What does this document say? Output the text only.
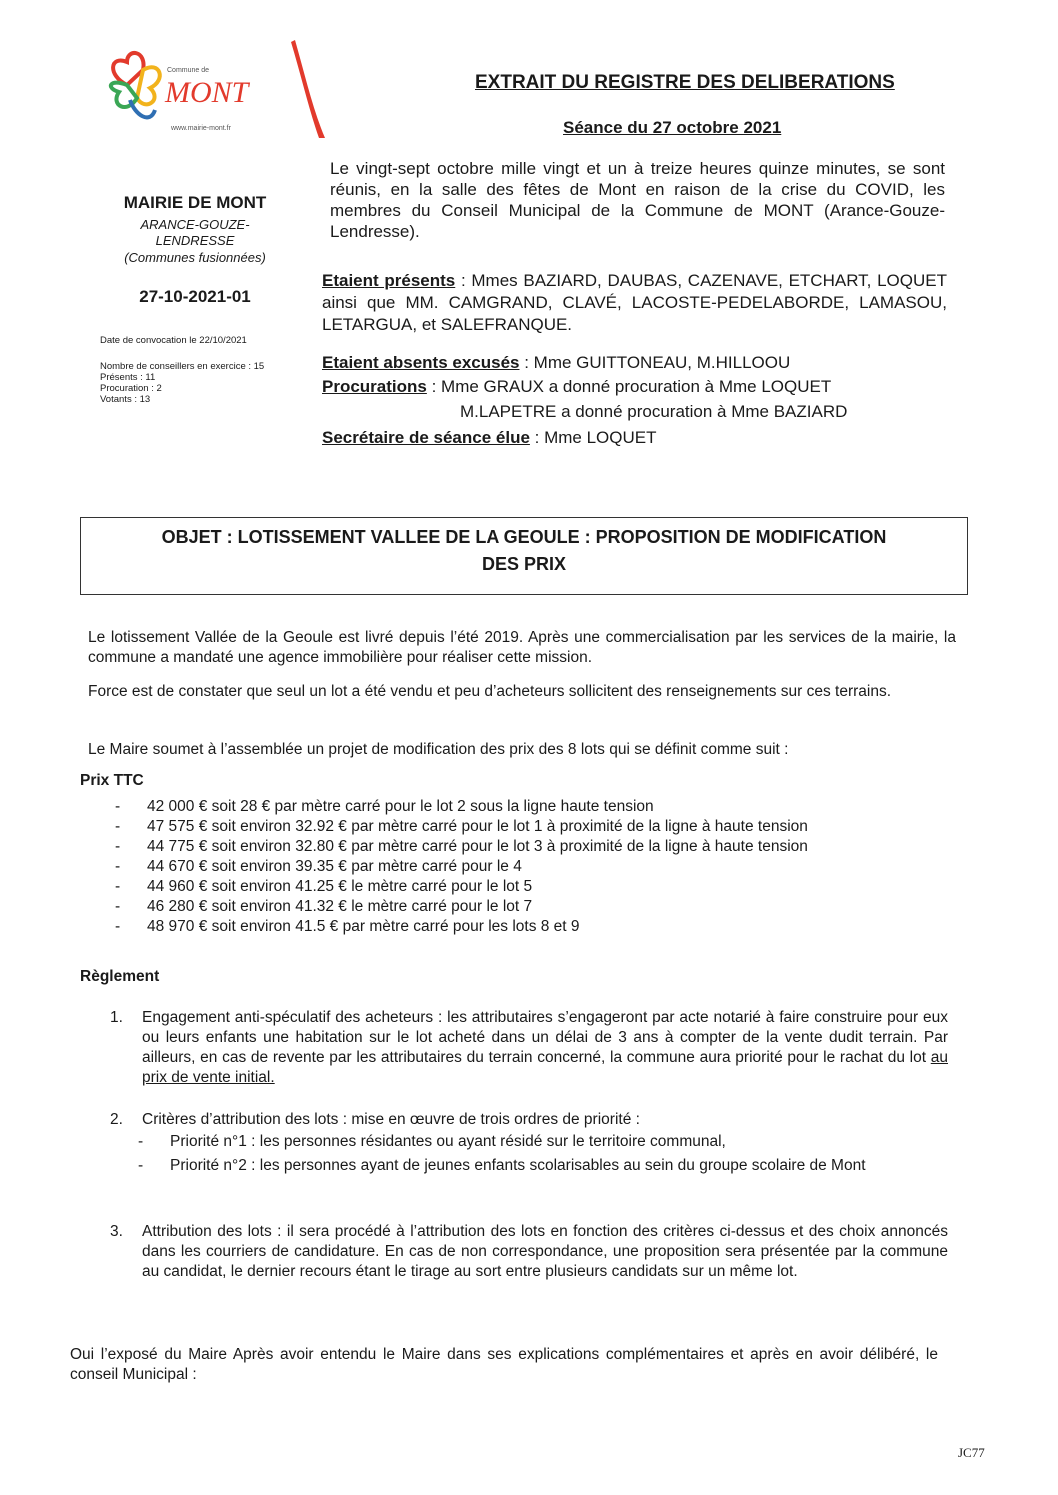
Commune de
MONT
www.mairie-mont.fr
EXTRAIT DU REGISTRE DES DELIBERATIONS
Séance du 27 octobre 2021
MAIRIE DE MONT
ARANCE-GOUZE-
LENDRESSE
(Communes fusionnées)
27-10-2021-01
Date de convocation le 22/10/2021
Nombre de conseillers en exercice : 15
Présents : 11
Procuration : 2
Votants : 13
Le vingt-sept octobre mille vingt et un à treize heures quinze minutes, se sont réunis, en la salle des fêtes de Mont en raison de la crise du COVID, les membres du Conseil Municipal de la Commune de MONT (Arance-Gouze-Lendresse).
Etaient présents : Mmes BAZIARD, DAUBAS, CAZENAVE, ETCHART, LOQUET ainsi que MM. CAMGRAND, CLAVÉ, LACOSTE-PEDELABORDE, LAMASOU, LETARGUA, et SALEFRANQUE.
Etaient absents excusés : Mme GUITTONEAU, M.HILLOOU
Procurations : Mme GRAUX a donné procuration à Mme LOQUET
M.LAPETRE a donné procuration à Mme BAZIARD
Secrétaire de séance élue : Mme LOQUET
OBJET : LOTISSEMENT VALLEE DE LA GEOULE : PROPOSITION DE MODIFICATION
DES PRIX
Le lotissement Vallée de la Geoule est livré depuis l’été 2019. Après une commercialisation par les services de la mairie, la commune a mandaté une agence immobilière pour réaliser cette mission.
Force est de constater que seul un lot a été vendu et peu d’acheteurs sollicitent des renseignements sur ces terrains.
Le Maire soumet à l’assemblée un projet de modification des prix des 8 lots qui se définit comme suit :
Prix TTC
- 42 000 € soit 28 € par mètre carré pour le lot 2 sous la ligne haute tension
- 47 575 € soit environ 32.92 € par mètre carré pour le lot 1 à proximité de la ligne à haute tension
- 44 775 € soit environ 32.80 € par mètre carré pour le lot 3 à proximité de la ligne à haute tension
- 44 670 € soit environ 39.35 € par mètre carré pour le 4
- 44 960 € soit environ 41.25 € le mètre carré pour le lot 5
- 46 280 € soit environ 41.32 € le mètre carré pour le lot 7
- 48 970 € soit environ 41.5 € par mètre carré pour les lots 8 et 9
Règlement
1. Engagement anti-spéculatif des acheteurs : les attributaires s’engageront par acte notarié à faire construire pour eux ou leurs enfants une habitation sur le lot acheté dans un délai de 3 ans à compter de la vente dudit terrain. Par ailleurs, en cas de revente par les attributaires du terrain concerné, la commune aura priorité pour le rachat du lot au prix de vente initial.
2. Critères d’attribution des lots : mise en œuvre de trois ordres de priorité :
- Priorité n°1 : les personnes résidantes ou ayant résidé sur le territoire communal,
- Priorité n°2 : les personnes ayant de jeunes enfants scolarisables au sein du groupe scolaire de Mont
3. Attribution des lots : il sera procédé à l’attribution des lots en fonction des critères ci-dessus et des choix annoncés dans les courriers de candidature. En cas de non correspondance, une proposition sera présentée par la commune au candidat, le dernier recours étant le tirage au sort entre plusieurs candidats sur un même lot.
Oui l’exposé du Maire Après avoir entendu le Maire dans ses explications complémentaires et après en avoir délibéré, le conseil Municipal :
JC77
